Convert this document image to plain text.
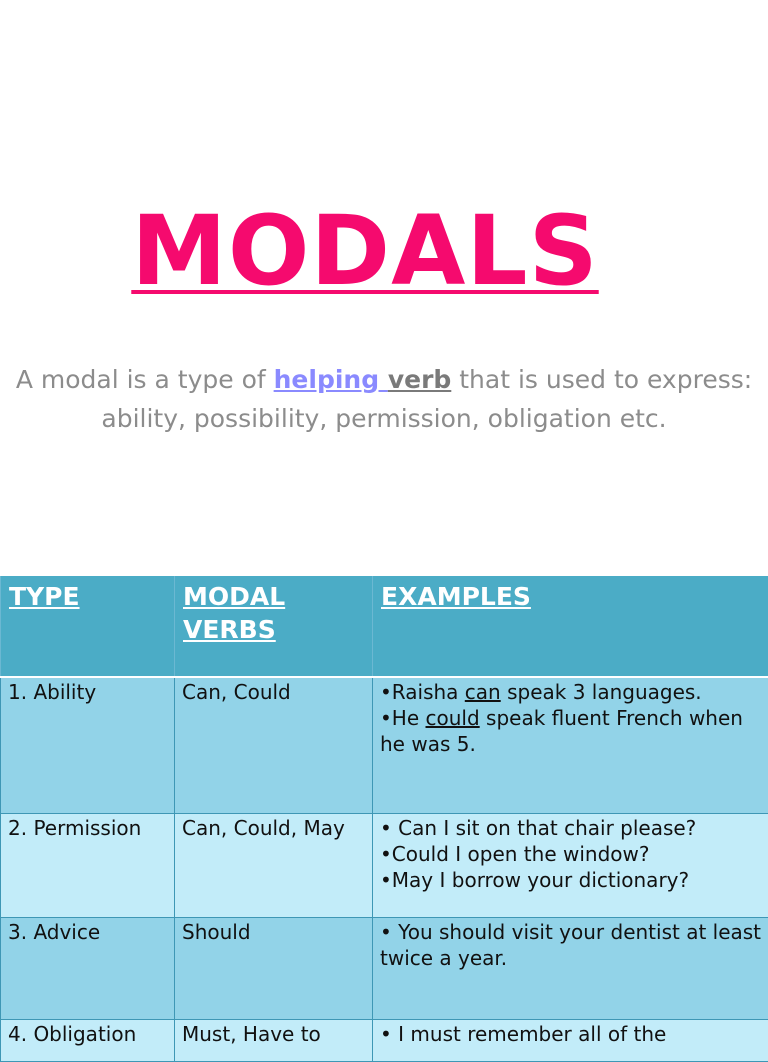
MODALS
A modal is a type of helping verb that is used to express: ability, possibility, permission, obligation etc.
TYPE	MODAL VERBS	EXAMPLES
1. Ability	Can, Could	•Raisha can speak 3 languages.
•He could speak fluent French when he was 5.

2. Permission	Can, Could, May	• Can I sit on that chair please?
•Could I open the window?
•May I borrow your dictionary?

3. Advice	Should	• You should visit your dentist at least twice a year.

4. Obligation	Must, Have to	• I must remember all of the
